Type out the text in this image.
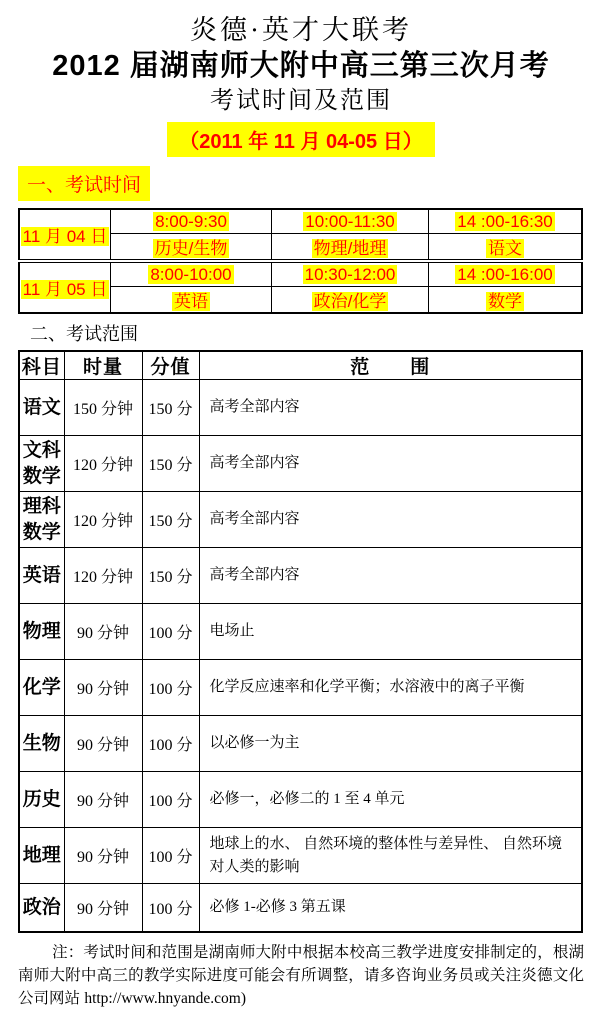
炎德·英才大联考
2012 届湖南师大附中高三第三次月考
考试时间及范围
（2011 年 11 月 04-05 日）
一、考试时间
11 月 04 日	8:00-9:30	10:00-11:30	14 :00-16:30
	历史/生物	物理/地理	语文
11 月 05 日	8:00-10:00	10:30-12:00	14 :00-16:00
	英语	政治/化学	数学
二、考试范围
科目	时量	分值	范　　围
语文	150 分钟	150 分	高考全部内容
文科数学	120 分钟	150 分	高考全部内容
理科数学	120 分钟	150 分	高考全部内容
英语	120 分钟	150 分	高考全部内容
物理	90 分钟	100 分	电场止
化学	90 分钟	100 分	化学反应速率和化学平衡；水溶液中的离子平衡
生物	90 分钟	100 分	以必修一为主
历史	90 分钟	100 分	必修一，必修二的 1 至 4 单元
地理	90 分钟	100 分	地球上的水、 自然环境的整体性与差异性、 自然环境对人类的影响
政治	90 分钟	100 分	必修 1-必修 3 第五课

注：考试时间和范围是湖南师大附中根据本校高三教学进度安排制定的，根湖南师大附中高三的教学实际进度可能会有所调整，请多咨询业务员或关注炎德文化公司网站 http://www.hnyande.com)
